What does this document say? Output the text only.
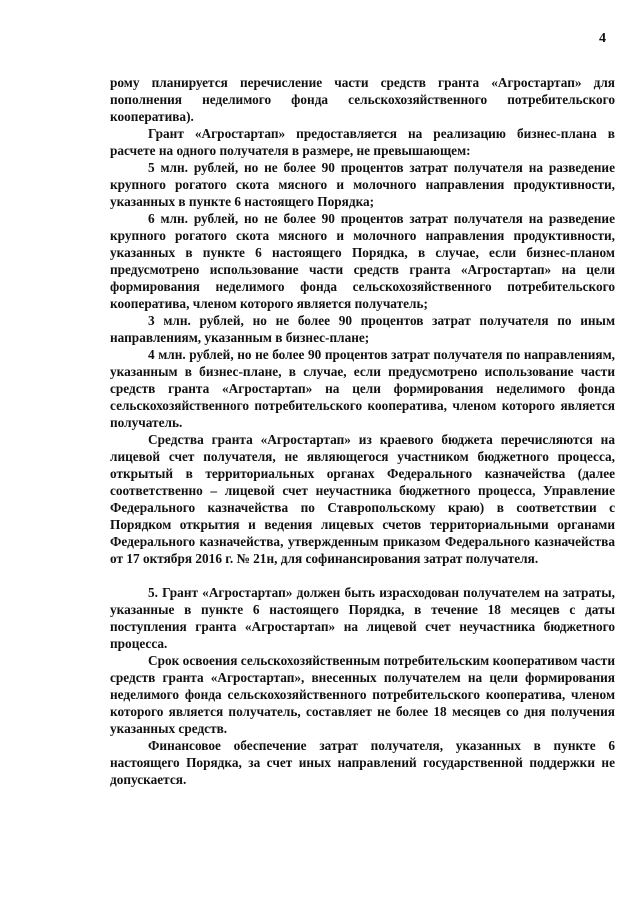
4

рому планируется перечисление части средств гранта «Агростартап» для пополнения неделимого фонда сельскохозяйственного потребительского кооператива).

Грант «Агростартап» предоставляется на реализацию бизнес-плана в расчете на одного получателя в размере, не превышающем:

5 млн. рублей, но не более 90 процентов затрат получателя на разведение крупного рогатого скота мясного и молочного направления продуктивности, указанных в пункте 6 настоящего Порядка;

6 млн. рублей, но не более 90 процентов затрат получателя на разведение крупного рогатого скота мясного и молочного направления продуктивности, указанных в пункте 6 настоящего Порядка, в случае, если бизнес-планом предусмотрено использование части средств гранта «Агростартап» на цели формирования неделимого фонда сельскохозяйственного потребительского кооператива, членом которого является получатель;

3 млн. рублей, но не более 90 процентов затрат получателя по иным направлениям, указанным в бизнес-плане;

4 млн. рублей, но не более 90 процентов затрат получателя по направлениям, указанным в бизнес-плане, в случае, если предусмотрено использование части средств гранта «Агростартап» на цели формирования неделимого фонда сельскохозяйственного потребительского кооператива, членом которого является получатель.

Средства гранта «Агростартап» из краевого бюджета перечисляются на лицевой счет получателя, не являющегося участником бюджетного процесса, открытый в территориальных органах Федерального казначейства (далее соответственно – лицевой счет неучастника бюджетного процесса, Управление Федерального казначейства по Ставропольскому краю) в соответствии с Порядком открытия и ведения лицевых счетов территориальными органами Федерального казначейства, утвержденным приказом Федерального казначейства от 17 октября 2016 г. № 21н, для софинансирования затрат получателя.

5. Грант «Агростартап» должен быть израсходован получателем на затраты, указанные в пункте 6 настоящего Порядка, в течение 18 месяцев с даты поступления гранта «Агростартап» на лицевой счет неучастника бюджетного процесса.

Срок освоения сельскохозяйственным потребительским кооперативом части средств гранта «Агростартап», внесенных получателем на цели формирования неделимого фонда сельскохозяйственного потребительского кооператива, членом которого является получатель, составляет не более 18 месяцев со дня получения указанных средств.

Финансовое обеспечение затрат получателя, указанных в пункте 6 настоящего Порядка, за счет иных направлений государственной поддержки не допускается.
